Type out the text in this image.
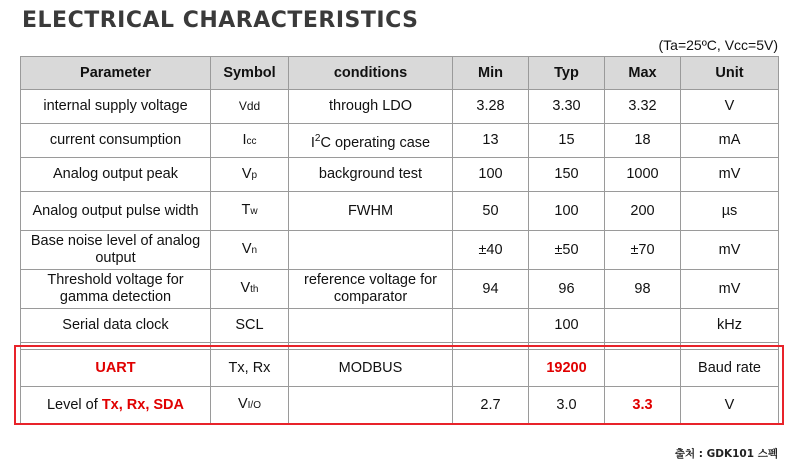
ELECTRICAL CHARACTERISTICS
(Ta=25ºC, Vcc=5V)
Parameter	Symbol	conditions	Min	Typ	Max	Unit
internal supply voltage	Vdd	through LDO	3.28	3.30	3.32	V
current consumption	Icc	$I^2C$ operating case	13	15	18	mA
Analog output peak	Vp	background test	100	150	1000	mV
Analog output pulse width	Tw	FWHM	50	100	200	µs
Base noise level of analog output	Vn		±40	±50	±70	mV
Threshold voltage for gamma detection	Vth	reference voltage for comparator	94	96	98	mV
Serial data clock	SCL			100		kHz

UART	Tx, Rx	MODBUS		19200		Baud rate
Level of Tx, Rx, SDA	VI/O		2.7	3.0	3.3	V
출처 : GDK101 스펙
